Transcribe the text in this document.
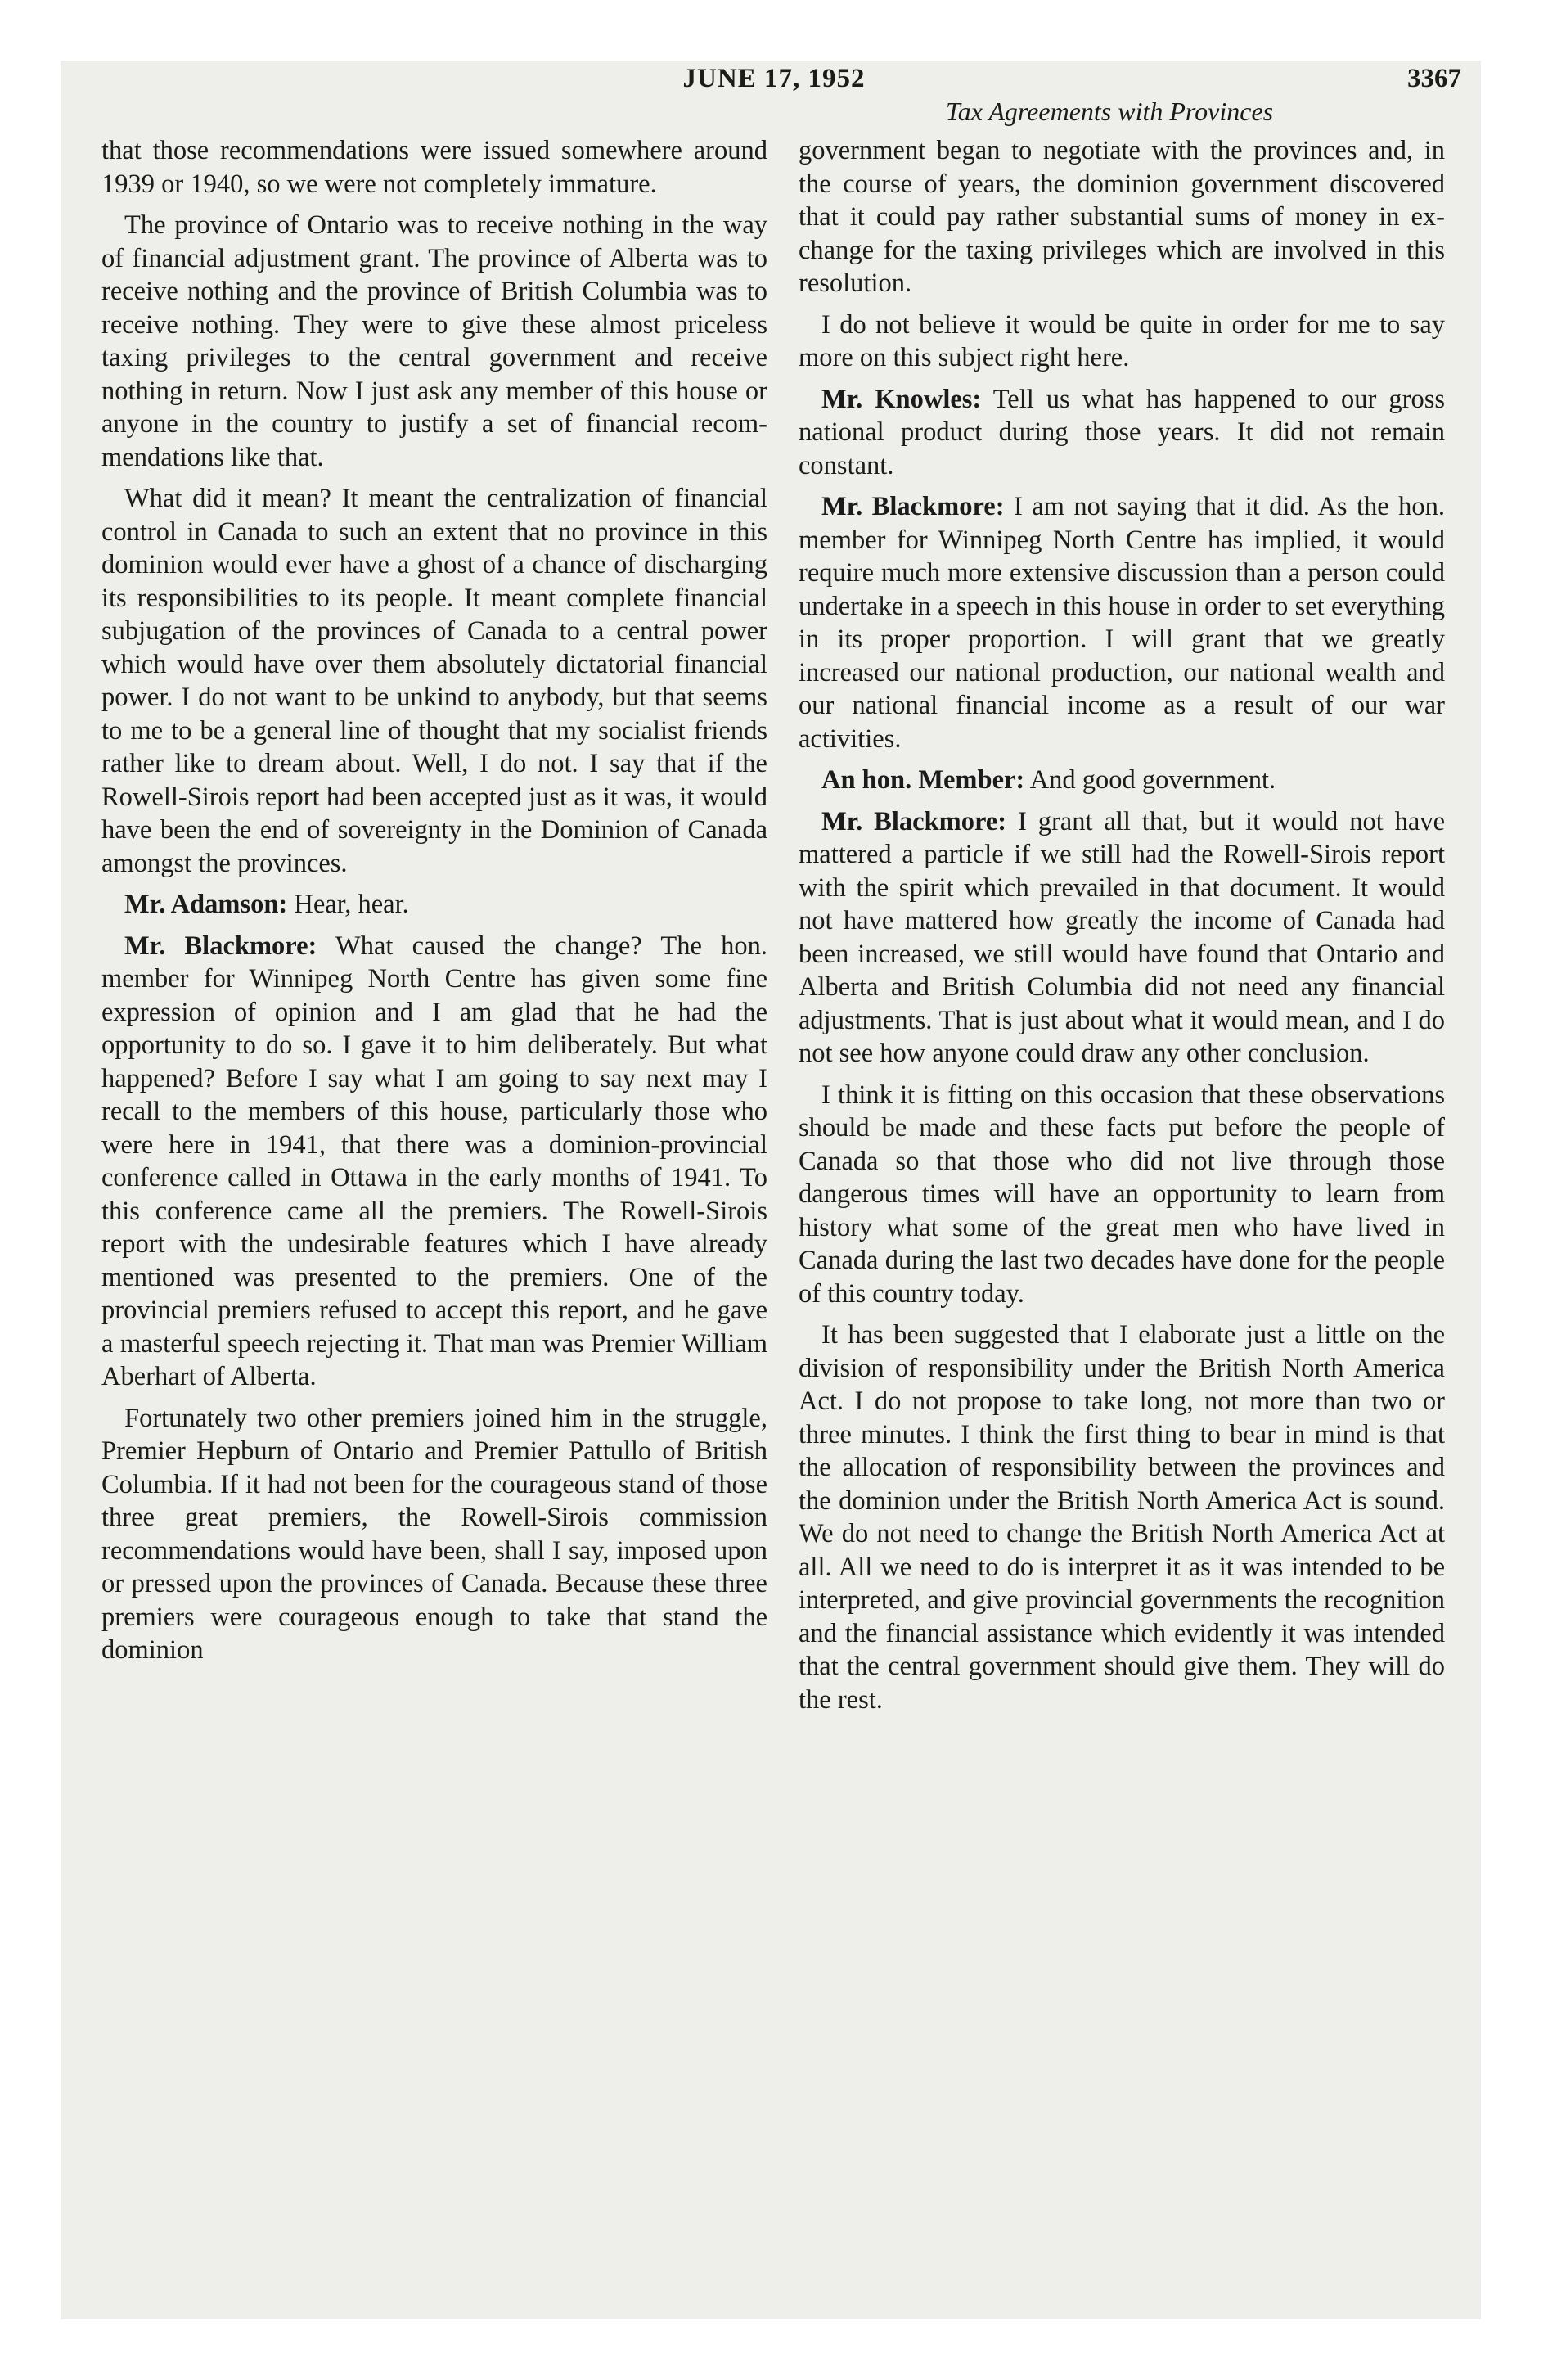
JUNE 17, 1952	3367
Tax Agreements with Provinces

that those recommendations were issued somewhere around 1939 or 1940, so we were not completely immature.

The province of Ontario was to receive nothing in the way of financial adjustment grant. The province of Alberta was to receive nothing and the province of British Columbia was to receive nothing. They were to give these almost priceless taxing privileges to the central government and receive nothing in return. Now I just ask any member of this house or anyone in the country to justify a set of financial recommendations like that.

What did it mean? It meant the centralization of financial control in Canada to such an extent that no province in this dominion would ever have a ghost of a chance of discharging its responsibilities to its people. It meant complete financial subjugation of the provinces of Canada to a central power which would have over them absolutely dictatorial financial power. I do not want to be unkind to anybody, but that seems to me to be a general line of thought that my socialist friends rather like to dream about. Well, I do not. I say that if the Rowell-Sirois report had been accepted just as it was, it would have been the end of sovereignty in the Dominion of Canada amongst the provinces.

Mr. Adamson: Hear, hear.

Mr. Blackmore: What caused the change? The hon. member for Winnipeg North Centre has given some fine expression of opinion and I am glad that he had the opportunity to do so. I gave it to him deliberately. But what happened? Before I say what I am going to say next may I recall to the members of this house, particularly those who were here in 1941, that there was a dominion-provincial conference called in Ottawa in the early months of 1941. To this conference came all the premiers. The Rowell-Sirois report with the undesirable features which I have already mentioned was presented to the premiers. One of the provincial premiers refused to accept this report, and he gave a masterful speech rejecting it. That man was Premier William Aberhart of Alberta.

Fortunately two other premiers joined him in the struggle, Premier Hepburn of Ontario and Premier Pattullo of British Columbia. If it had not been for the courageous stand of those three great premiers, the Rowell-Sirois commission recommendations would have been, shall I say, imposed upon or pressed upon the provinces of Canada. Because these three premiers were courageous enough to take that stand the dominion

government began to negotiate with the provinces and, in the course of years, the dominion government discovered that it could pay rather substantial sums of money in exchange for the taxing privileges which are involved in this resolution.

I do not believe it would be quite in order for me to say more on this subject right here.

Mr. Knowles: Tell us what has happened to our gross national product during those years. It did not remain constant.

Mr. Blackmore: I am not saying that it did. As the hon. member for Winnipeg North Centre has implied, it would require much more extensive discussion than a person could undertake in a speech in this house in order to set everything in its proper proportion. I will grant that we greatly increased our national production, our national wealth and our national financial income as a result of our war activities.

An hon. Member: And good government.

Mr. Blackmore: I grant all that, but it would not have mattered a particle if we still had the Rowell-Sirois report with the spirit which prevailed in that document. It would not have mattered how greatly the income of Canada had been increased, we still would have found that Ontario and Alberta and British Columbia did not need any financial adjustments. That is just about what it would mean, and I do not see how anyone could draw any other conclusion.

I think it is fitting on this occasion that these observations should be made and these facts put before the people of Canada so that those who did not live through those dangerous times will have an opportunity to learn from history what some of the great men who have lived in Canada during the last two decades have done for the people of this country today.

It has been suggested that I elaborate just a little on the division of responsibility under the British North America Act. I do not propose to take long, not more than two or three minutes. I think the first thing to bear in mind is that the allocation of responsibility between the provinces and the dominion under the British North America Act is sound. We do not need to change the British North America Act at all. All we need to do is interpret it as it was intended to be interpreted, and give provincial governments the recognition and the financial assistance which evidently it was intended that the central government should give them. They will do the rest.
